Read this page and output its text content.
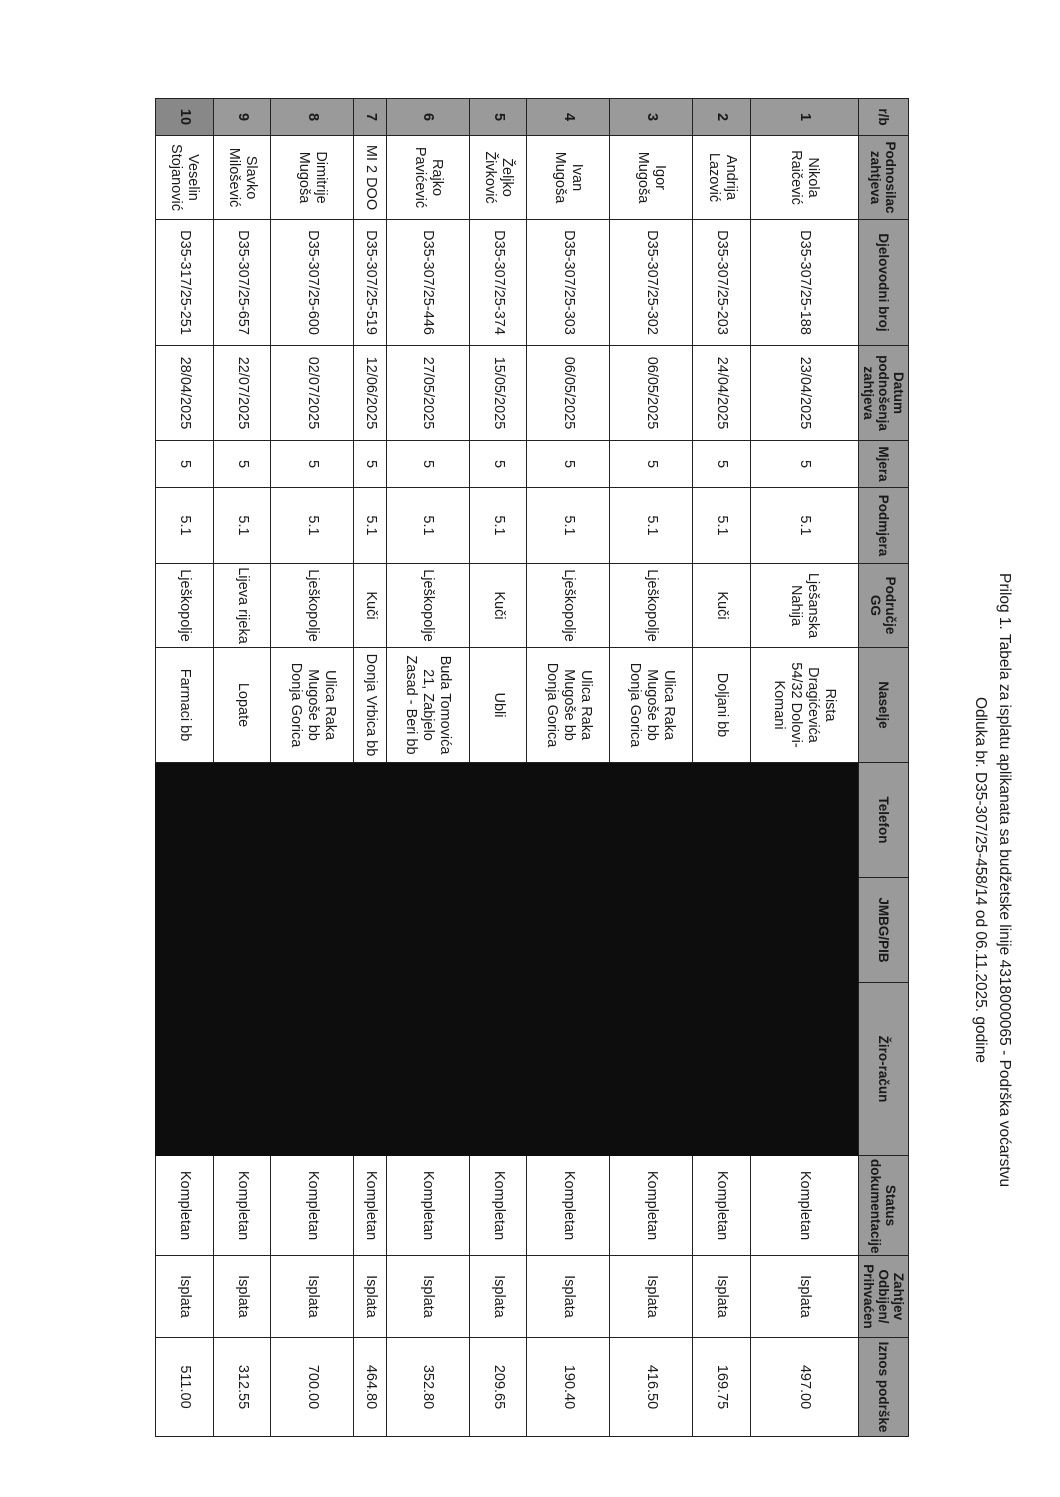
Prilog 1. Tabela za isplatu aplikanata sa budžetske linije 4318000065 - Podrška voćarstvu
Odluka br. D35-307/25-458/14 od 06.11.2025. godine
r/b	Podnosilac zahtjeva	Djelovodni broj	Datum podnošenja zahtjeva	Mjera	Podmjera	Područje GG	Naselje	Telefon	JMBG/PIB	Žiro-račun	Status dokumentacije	Zahtjev Odbijen/ Prihvaćen	Iznos podrške
1	Nikola Raičević	D35-307/25-188	23/04/2025	5	5.1	Lješanska Nahija	Rista Dragićevića 54/32 Dolovi-Komani				Kompletan	Isplata	497.00
2	Andrija Lazović	D35-307/25-203	24/04/2025	5	5.1	Kuči	Doljani bb				Kompletan	Isplata	169.75
3	Igor Mugoša	D35-307/25-302	06/05/2025	5	5.1	Lješkopolje	Ulica Raka Mugoše bb Donja Gorica				Kompletan	Isplata	416.50
4	Ivan Mugoša	D35-307/25-303	06/05/2025	5	5.1	Lješkopolje	Ulica Raka Mugoše bb Donja Gorica				Kompletan	Isplata	190.40
5	Željko Živković	D35-307/25-374	15/05/2025	5	5.1	Kuči	Ubli				Kompletan	Isplata	209.65
6	Rajko Pavićević	D35-307/25-446	27/05/2025	5	5.1	Lješkopolje	Buda Tomovića 21, Zabjelo Zasad - Beri bb				Kompletan	Isplata	352.80
7	MI 2 DOO	D35-307/25-519	12/06/2025	5	5.1	Kuči	Donja Vrbica bb				Kompletan	Isplata	464.80
8	Dimitrije Mugoša	D35-307/25-600	02/07/2025	5	5.1	Lješkopolje	Ulica Raka Mugoše bb Donja Gorica				Kompletan	Isplata	700.00
9	Slavko Milošević	D35-307/25-657	22/07/2025	5	5.1	Lijeva rijeka	Lopate				Kompletan	Isplata	312.55
10	Veselin Stojanović	D35-317/25-251	28/04/2025	5	5.1	Lješkopolje	Farmaci bb				Kompletan	Isplata	511.00
